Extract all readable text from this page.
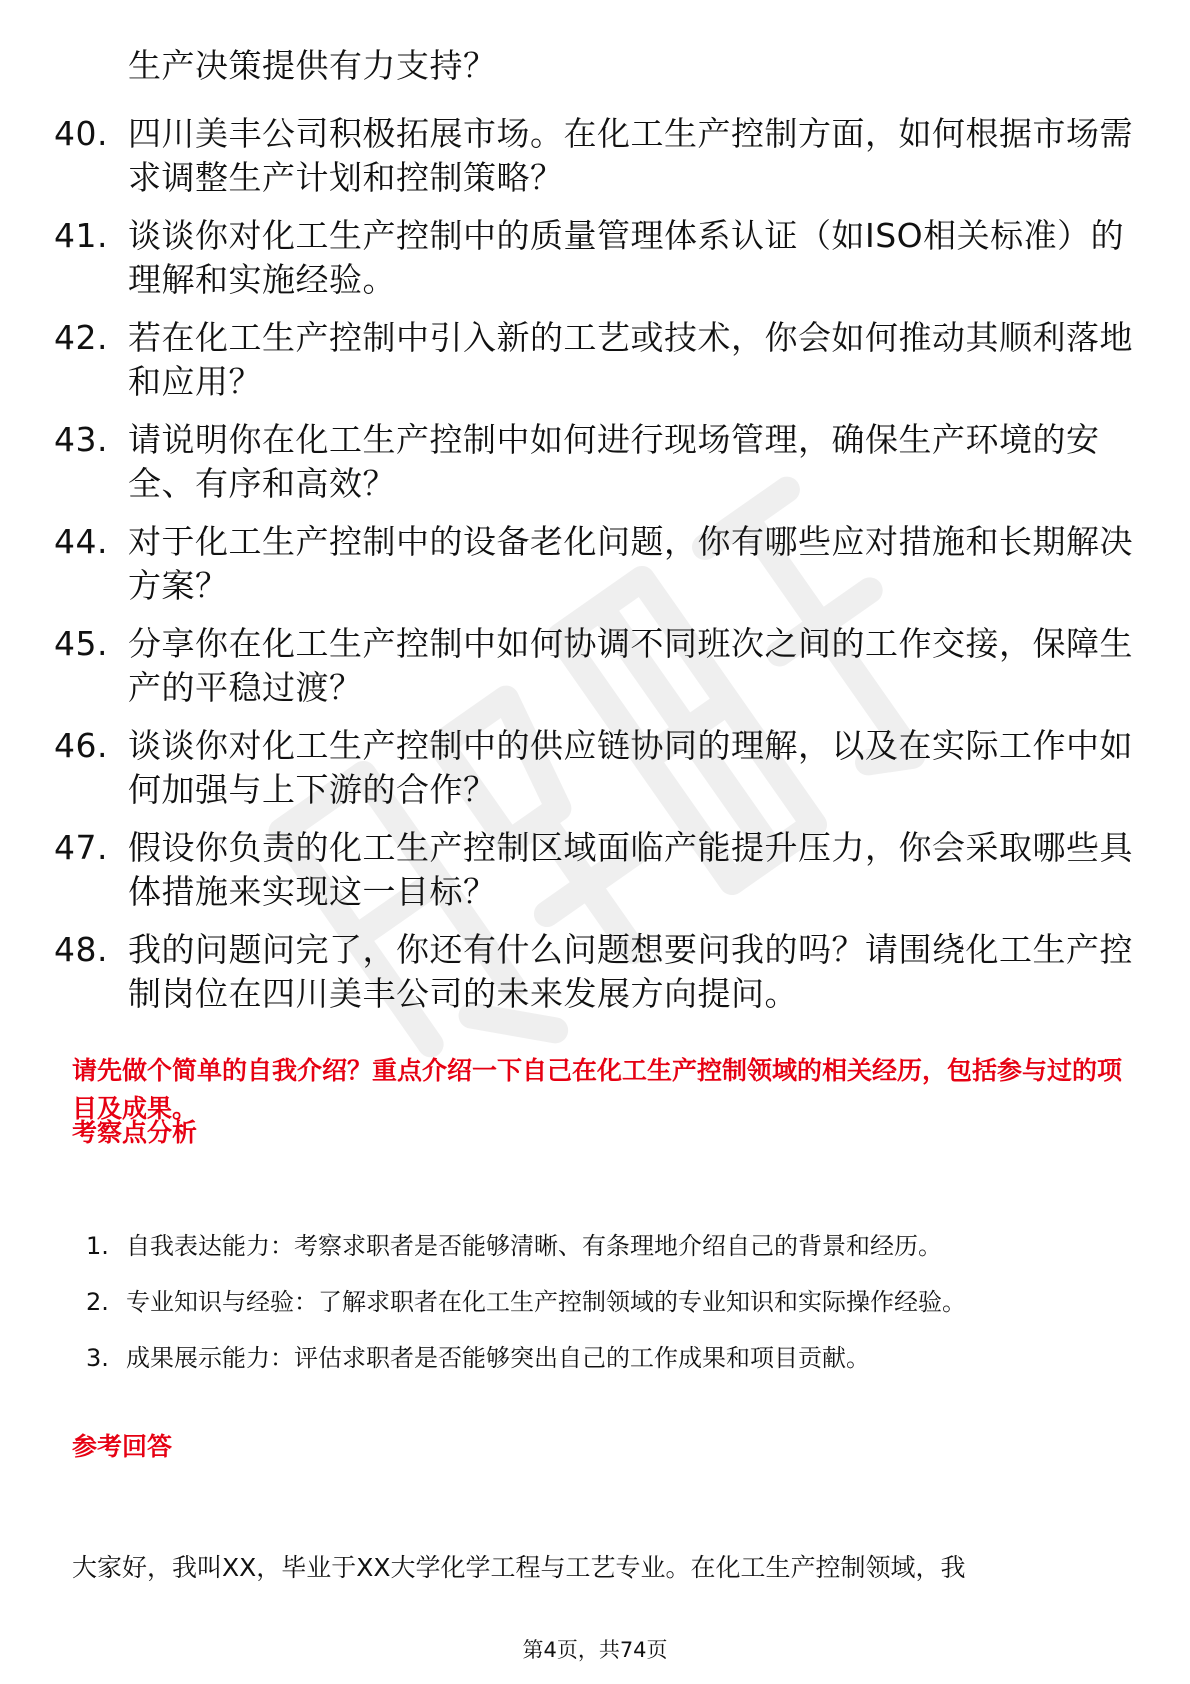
生产决策提供有力支持？
40. 四川美丰公司积极拓展市场。在化工生产控制方面，如何根据市场需求调整生产计划和控制策略？
41. 谈谈你对化工生产控制中的质量管理体系认证（如ISO相关标准）的理解和实施经验。
42. 若在化工生产控制中引入新的工艺或技术，你会如何推动其顺利落地和应用？
43. 请说明你在化工生产控制中如何进行现场管理，确保生产环境的安全、有序和高效？
44. 对于化工生产控制中的设备老化问题，你有哪些应对措施和长期解决方案？
45. 分享你在化工生产控制中如何协调不同班次之间的工作交接，保障生产的平稳过渡？
46. 谈谈你对化工生产控制中的供应链协同的理解，以及在实际工作中如何加强与上下游的合作？
47. 假设你负责的化工生产控制区域面临产能提升压力，你会采取哪些具体措施来实现这一目标？
48. 我的问题问完了，你还有什么问题想要问我的吗？请围绕化工生产控制岗位在四川美丰公司的未来发展方向提问。
请先做个简单的自我介绍？重点介绍一下自己在化工生产控制领域的相关经历，包括参与过的项目及成果。
考察点分析
1. 自我表达能力：考察求职者是否能够清晰、有条理地介绍自己的背景和经历。
2. 专业知识与经验：了解求职者在化工生产控制领域的专业知识和实际操作经验。
3. 成果展示能力：评估求职者是否能够突出自己的工作成果和项目贡献。
参考回答
大家好，我叫XX，毕业于XX大学化学工程与工艺专业。在化工生产控制领域，我
第4页，共74页
